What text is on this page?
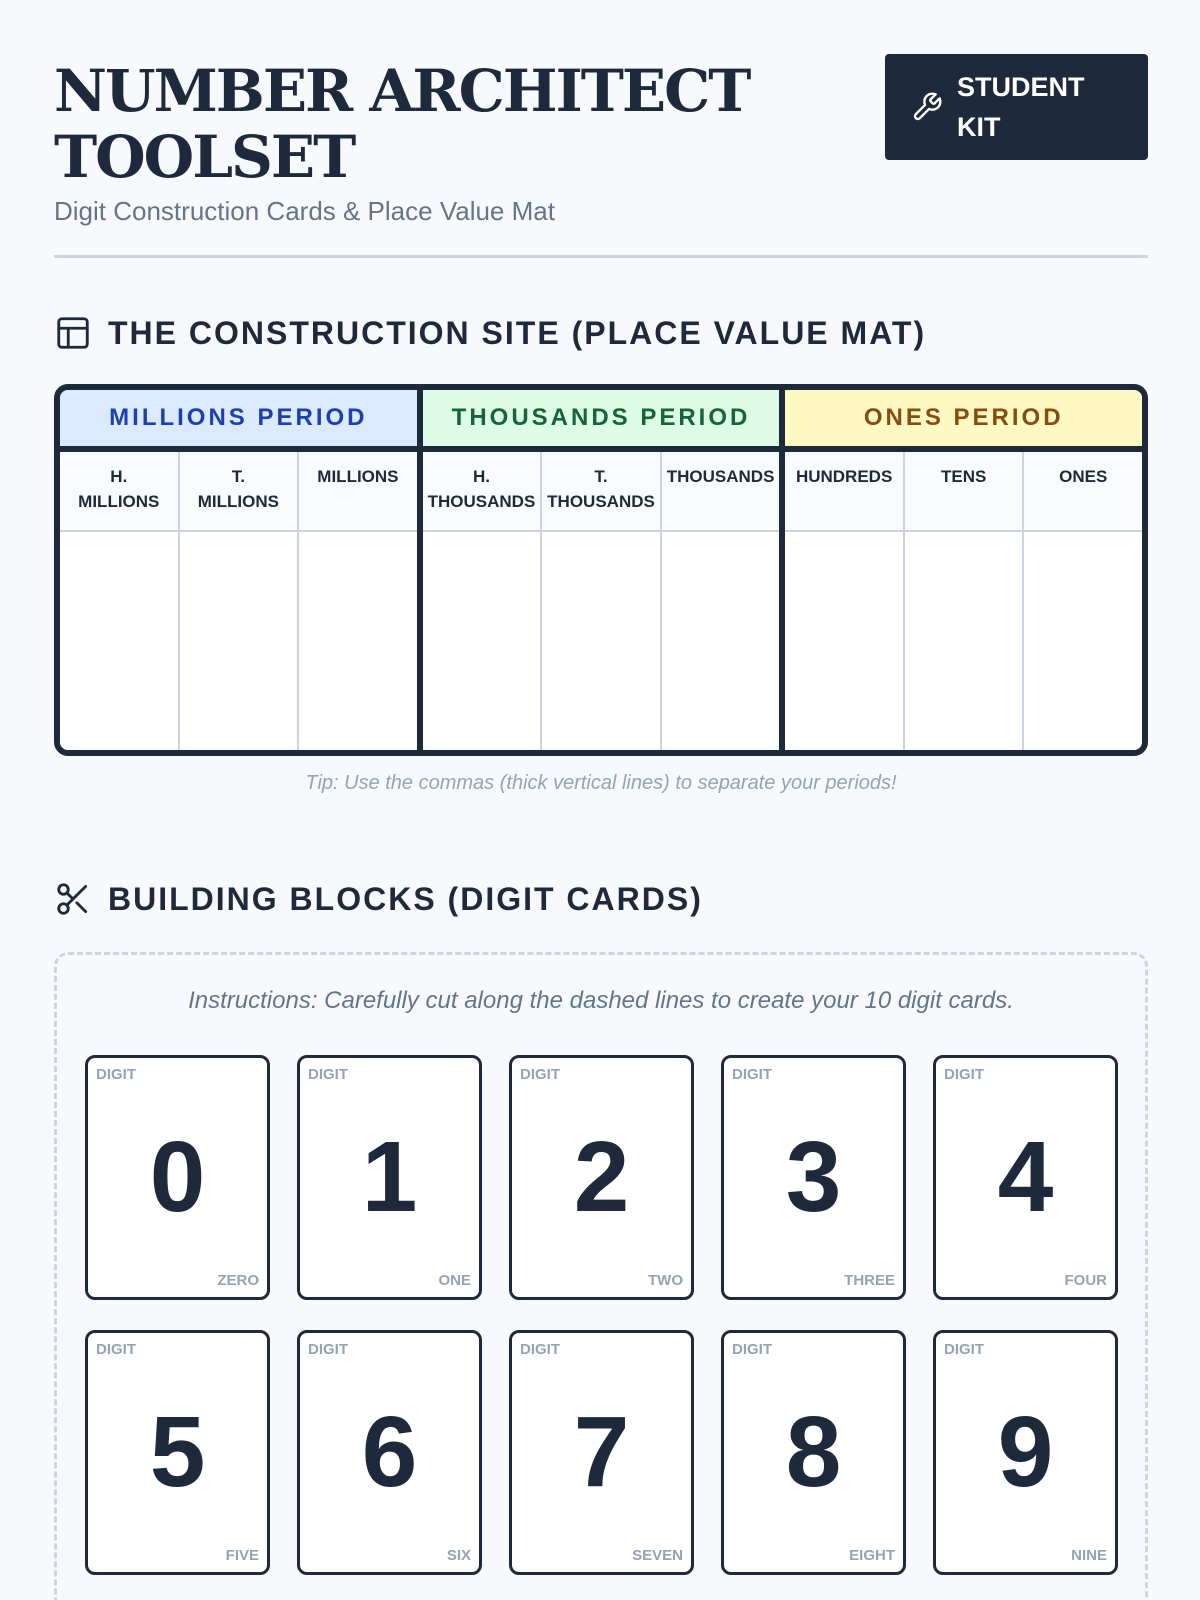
NUMBER ARCHITECT TOOLSET
Digit Construction Cards & Place Value Mat
STUDENT KIT
THE CONSTRUCTION SITE (PLACE VALUE MAT)
MILLIONS PERIOD
H.
MILLIONS
T.
MILLIONS
MILLIONS
THOUSANDS PERIOD
H.
THOUSANDS
T.
THOUSANDS
THOUSANDS
ONES PERIOD
HUNDREDS	TENS	ONES
Tip: Use the commas (thick vertical lines) to separate your periods!
BUILDING BLOCKS (DIGIT CARDS)
Instructions: Carefully cut along the dashed lines to create your 10 digit cards.
DIGIT
0
ZERO
DIGIT
1
ONE
DIGIT
2
TWO
DIGIT
3
THREE
DIGIT
4
FOUR
DIGIT
5
FIVE
DIGIT
6
SIX
DIGIT
7
SEVEN
DIGIT
8
EIGHT
DIGIT
9
NINE
